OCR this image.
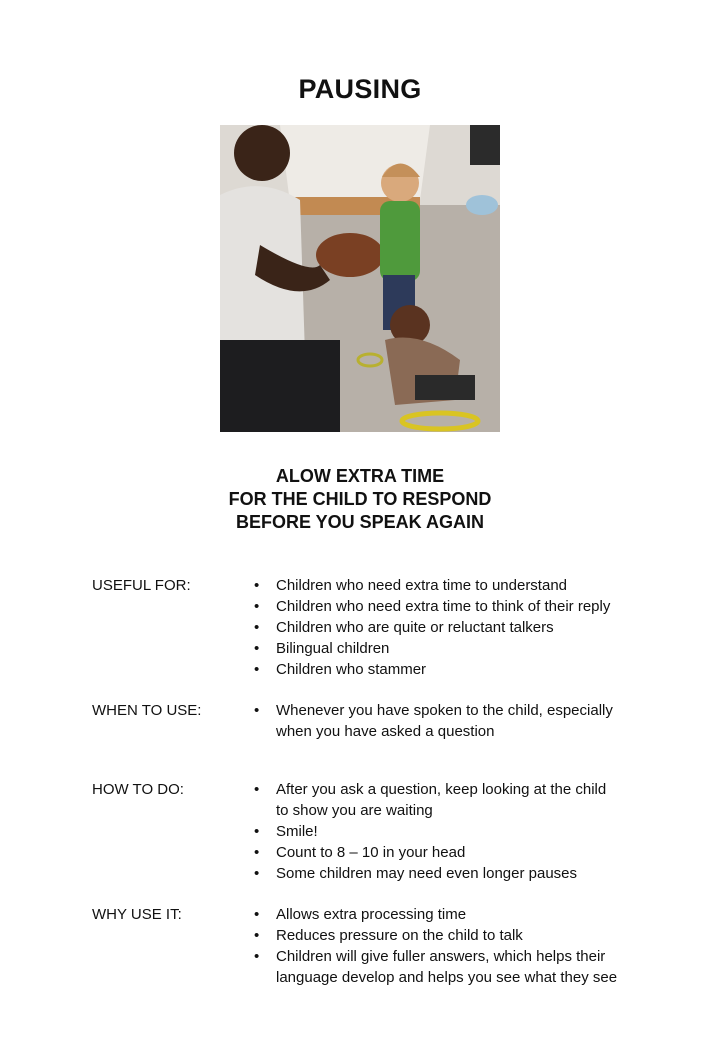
PAUSING
ALOW EXTRA TIME
FOR THE CHILD TO RESPOND
BEFORE YOU SPEAK AGAIN
USEFUL FOR:	• Children who need extra time to understand
• Children who need extra time to think of their reply
• Children who are quite or reluctant talkers
• Bilingual children
• Children who stammer
WHEN TO USE:	• Whenever you have spoken to the child, especially when you have asked a question
HOW TO DO:	• After you ask a question, keep looking at the child to show you are waiting
• Smile!
• Count to 8 – 10 in your head
• Some children may need even longer pauses
WHY USE IT:	• Allows extra processing time
• Reduces pressure on the child to talk
• Children will give fuller answers, which helps their language develop and helps you see what they see
